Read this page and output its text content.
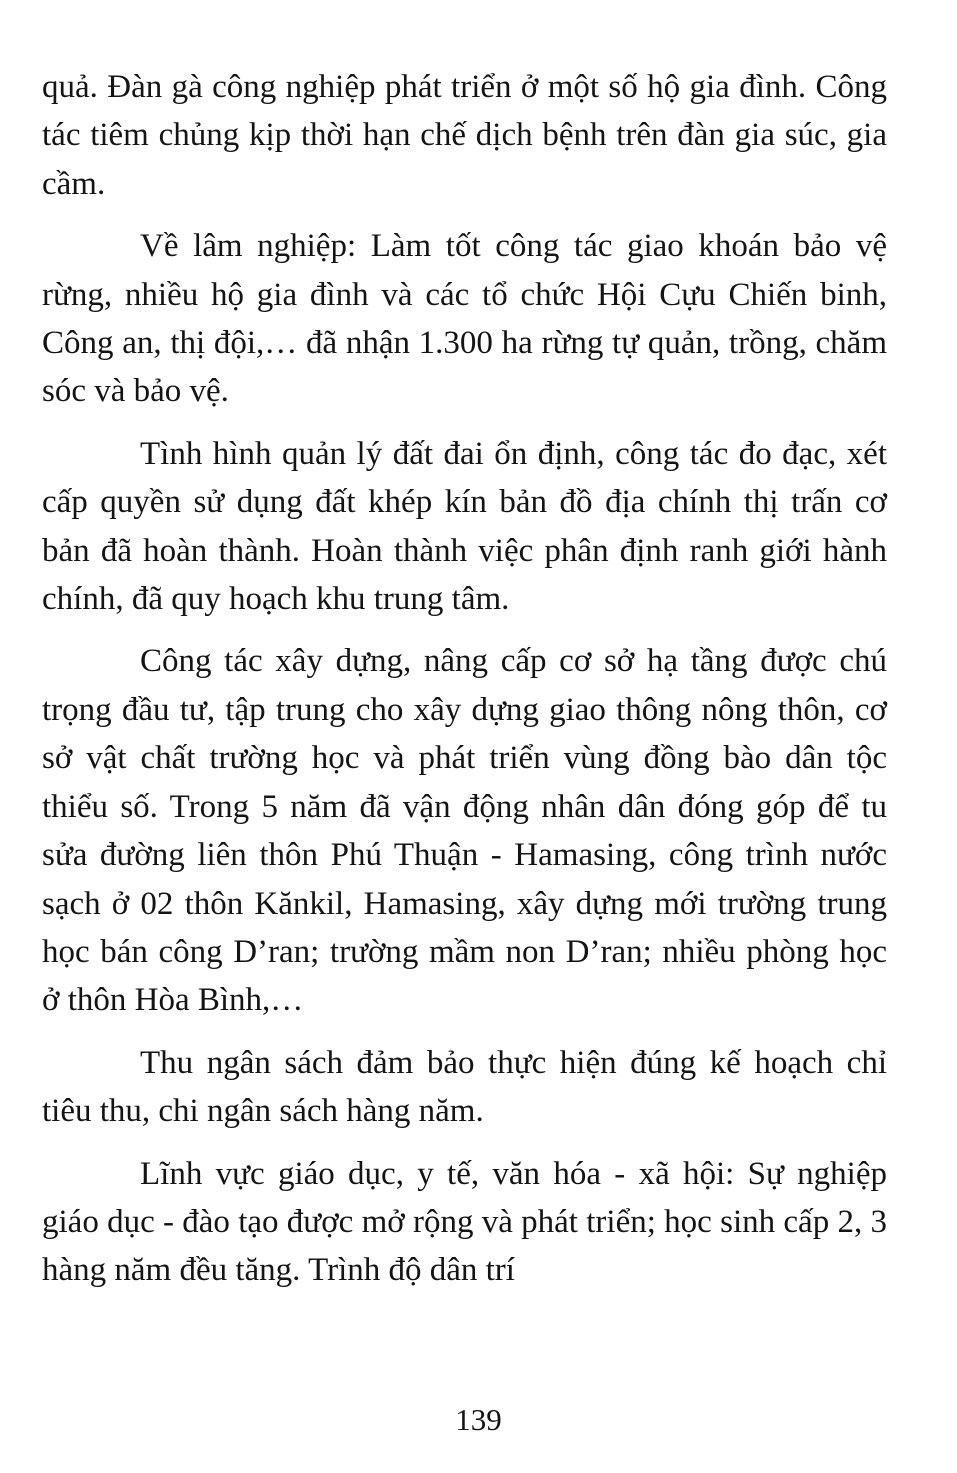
quả. Đàn gà công nghiệp phát triển ở một số hộ gia đình. Công tác tiêm chủng kịp thời hạn chế dịch bệnh trên đàn gia súc, gia cầm.

Về lâm nghiệp: Làm tốt công tác giao khoán bảo vệ rừng, nhiều hộ gia đình và các tổ chức Hội Cựu Chiến binh, Công an, thị đội,… đã nhận 1.300 ha rừng tự quản, trồng, chăm sóc và bảo vệ.

Tình hình quản lý đất đai ổn định, công tác đo đạc, xét cấp quyền sử dụng đất khép kín bản đồ địa chính thị trấn cơ bản đã hoàn thành. Hoàn thành việc phân định ranh giới hành chính, đã quy hoạch khu trung tâm.

Công tác xây dựng, nâng cấp cơ sở hạ tầng được chú trọng đầu tư, tập trung cho xây dựng giao thông nông thôn, cơ sở vật chất trường học và phát triển vùng đồng bào dân tộc thiểu số. Trong 5 năm đã vận động nhân dân đóng góp để tu sửa đường liên thôn Phú Thuận - Hamasing, công trình nước sạch ở 02 thôn Kănkil, Hamasing, xây dựng mới trường trung học bán công D’ran; trường mầm non D’ran; nhiều phòng học ở thôn Hòa Bình,…

Thu ngân sách đảm bảo thực hiện đúng kế hoạch chỉ tiêu thu, chi ngân sách hàng năm.

Lĩnh vực giáo dục, y tế, văn hóa - xã hội: Sự nghiệp giáo dục - đào tạo được mở rộng và phát triển; học sinh cấp 2, 3 hàng năm đều tăng. Trình độ dân trí

139
